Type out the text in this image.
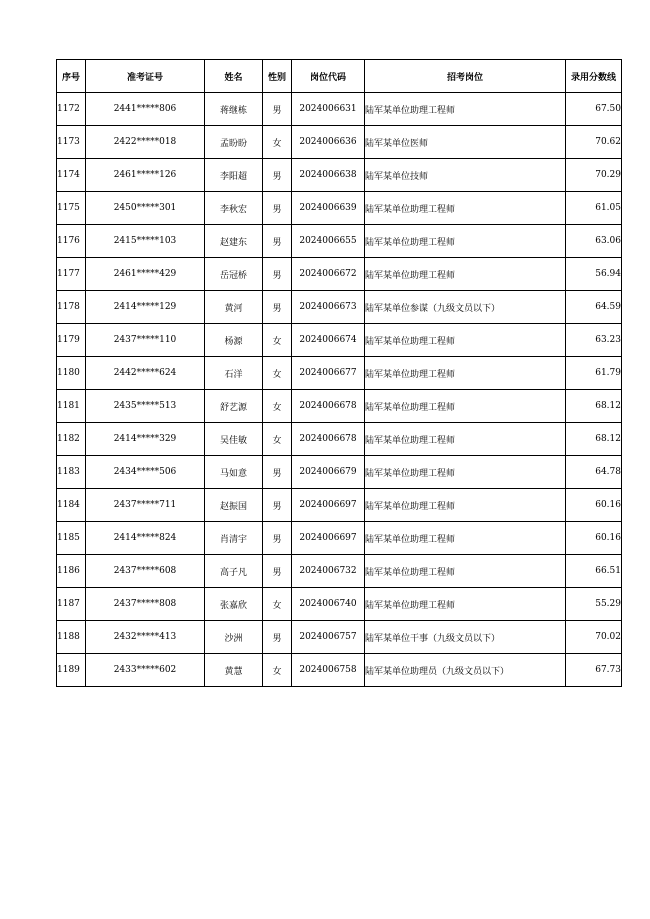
序号	准考证号	姓名	性别	岗位代码	招考岗位	录用分数线
1172	2441*****806	蒋继栋	男	2024006631	陆军某单位助理工程师	67.50
1173	2422*****018	孟盼盼	女	2024006636	陆军某单位医师	70.62
1174	2461*****126	李阳超	男	2024006638	陆军某单位技师	70.29
1175	2450*****301	李秋宏	男	2024006639	陆军某单位助理工程师	61.05
1176	2415*****103	赵建东	男	2024006655	陆军某单位助理工程师	63.06
1177	2461*****429	岳冠桥	男	2024006672	陆军某单位助理工程师	56.94
1178	2414*****129	黄河	男	2024006673	陆军某单位参谋（九级文员以下）	64.59
1179	2437*****110	杨源	女	2024006674	陆军某单位助理工程师	63.23
1180	2442*****624	石洋	女	2024006677	陆军某单位助理工程师	61.79
1181	2435*****513	舒艺源	女	2024006678	陆军某单位助理工程师	68.12
1182	2414*****329	吴佳敏	女	2024006678	陆军某单位助理工程师	68.12
1183	2434*****506	马如意	男	2024006679	陆军某单位助理工程师	64.78
1184	2437*****711	赵振国	男	2024006697	陆军某单位助理工程师	60.16
1185	2414*****824	肖清宇	男	2024006697	陆军某单位助理工程师	60.16
1186	2437*****608	高子凡	男	2024006732	陆军某单位助理工程师	66.51
1187	2437*****808	张嘉欣	女	2024006740	陆军某单位助理工程师	55.29
1188	2432*****413	沙洲	男	2024006757	陆军某单位干事（九级文员以下）	70.02
1189	2433*****602	黄慧	女	2024006758	陆军某单位助理员（九级文员以下）	67.73
